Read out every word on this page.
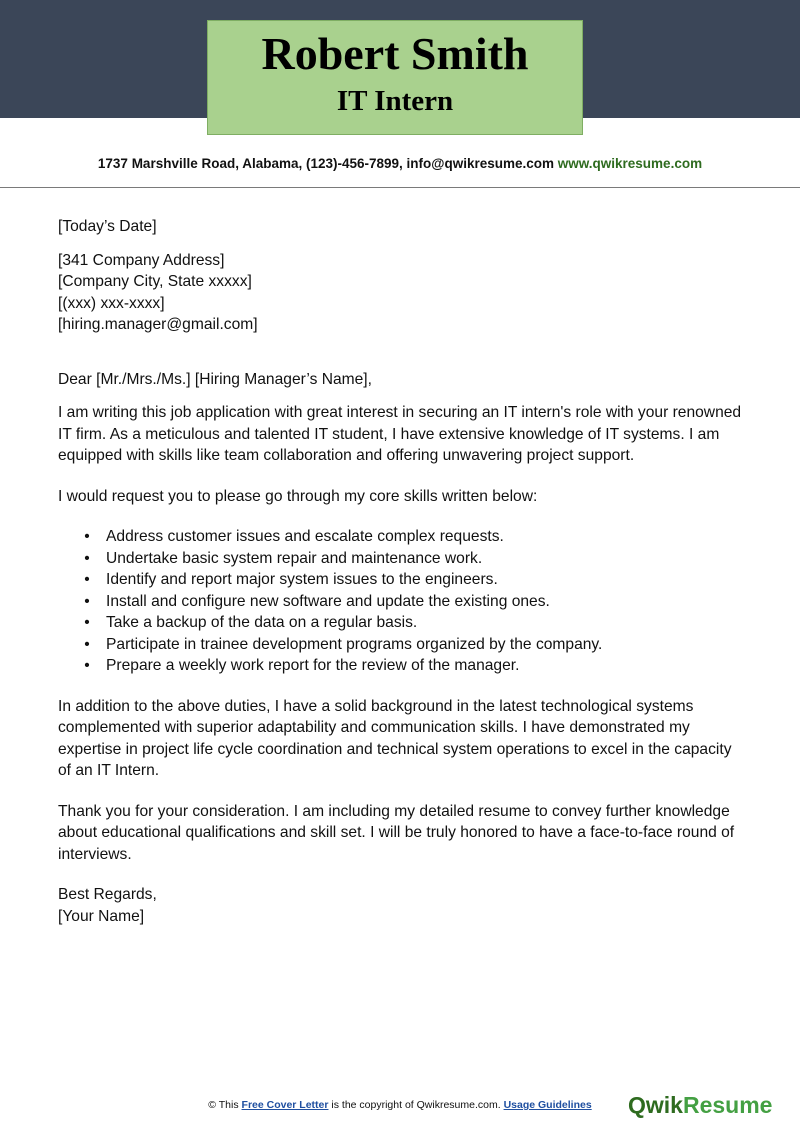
Robert Smith
IT Intern
1737 Marshville Road, Alabama, (123)-456-7899, info@qwikresume.com www.qwikresume.com

[Today’s Date]

[341 Company Address]

[Company City, State xxxxx]

[(xxx) xxx-xxxx]

[hiring.manager@gmail.com]

Dear [Mr./Mrs./Ms.] [Hiring Manager’s Name],

I am writing this job application with great interest in securing an IT intern's role with your renowned IT firm. As a meticulous and talented IT student, I have extensive knowledge of IT systems. I am equipped with skills like team collaboration and offering unwavering project support.

I would request you to please go through my core skills written below:

• Address customer issues and escalate complex requests.
• Undertake basic system repair and maintenance work.
• Identify and report major system issues to the engineers.
• Install and configure new software and update the existing ones.
• Take a backup of the data on a regular basis.
• Participate in trainee development programs organized by the company.
• Prepare a weekly work report for the review of the manager.

In addition to the above duties, I have a solid background in the latest technological systems complemented with superior adaptability and communication skills. I have demonstrated my expertise in project life cycle coordination and technical system operations to excel in the capacity of an IT Intern.

Thank you for your consideration. I am including my detailed resume to convey further knowledge about educational qualifications and skill set. I will be truly honored to have a face-to-face round of interviews.

Best Regards,

[Your Name]

© This Free Cover Letter is the copyright of Qwikresume.com. Usage Guidelines	QwikResume
